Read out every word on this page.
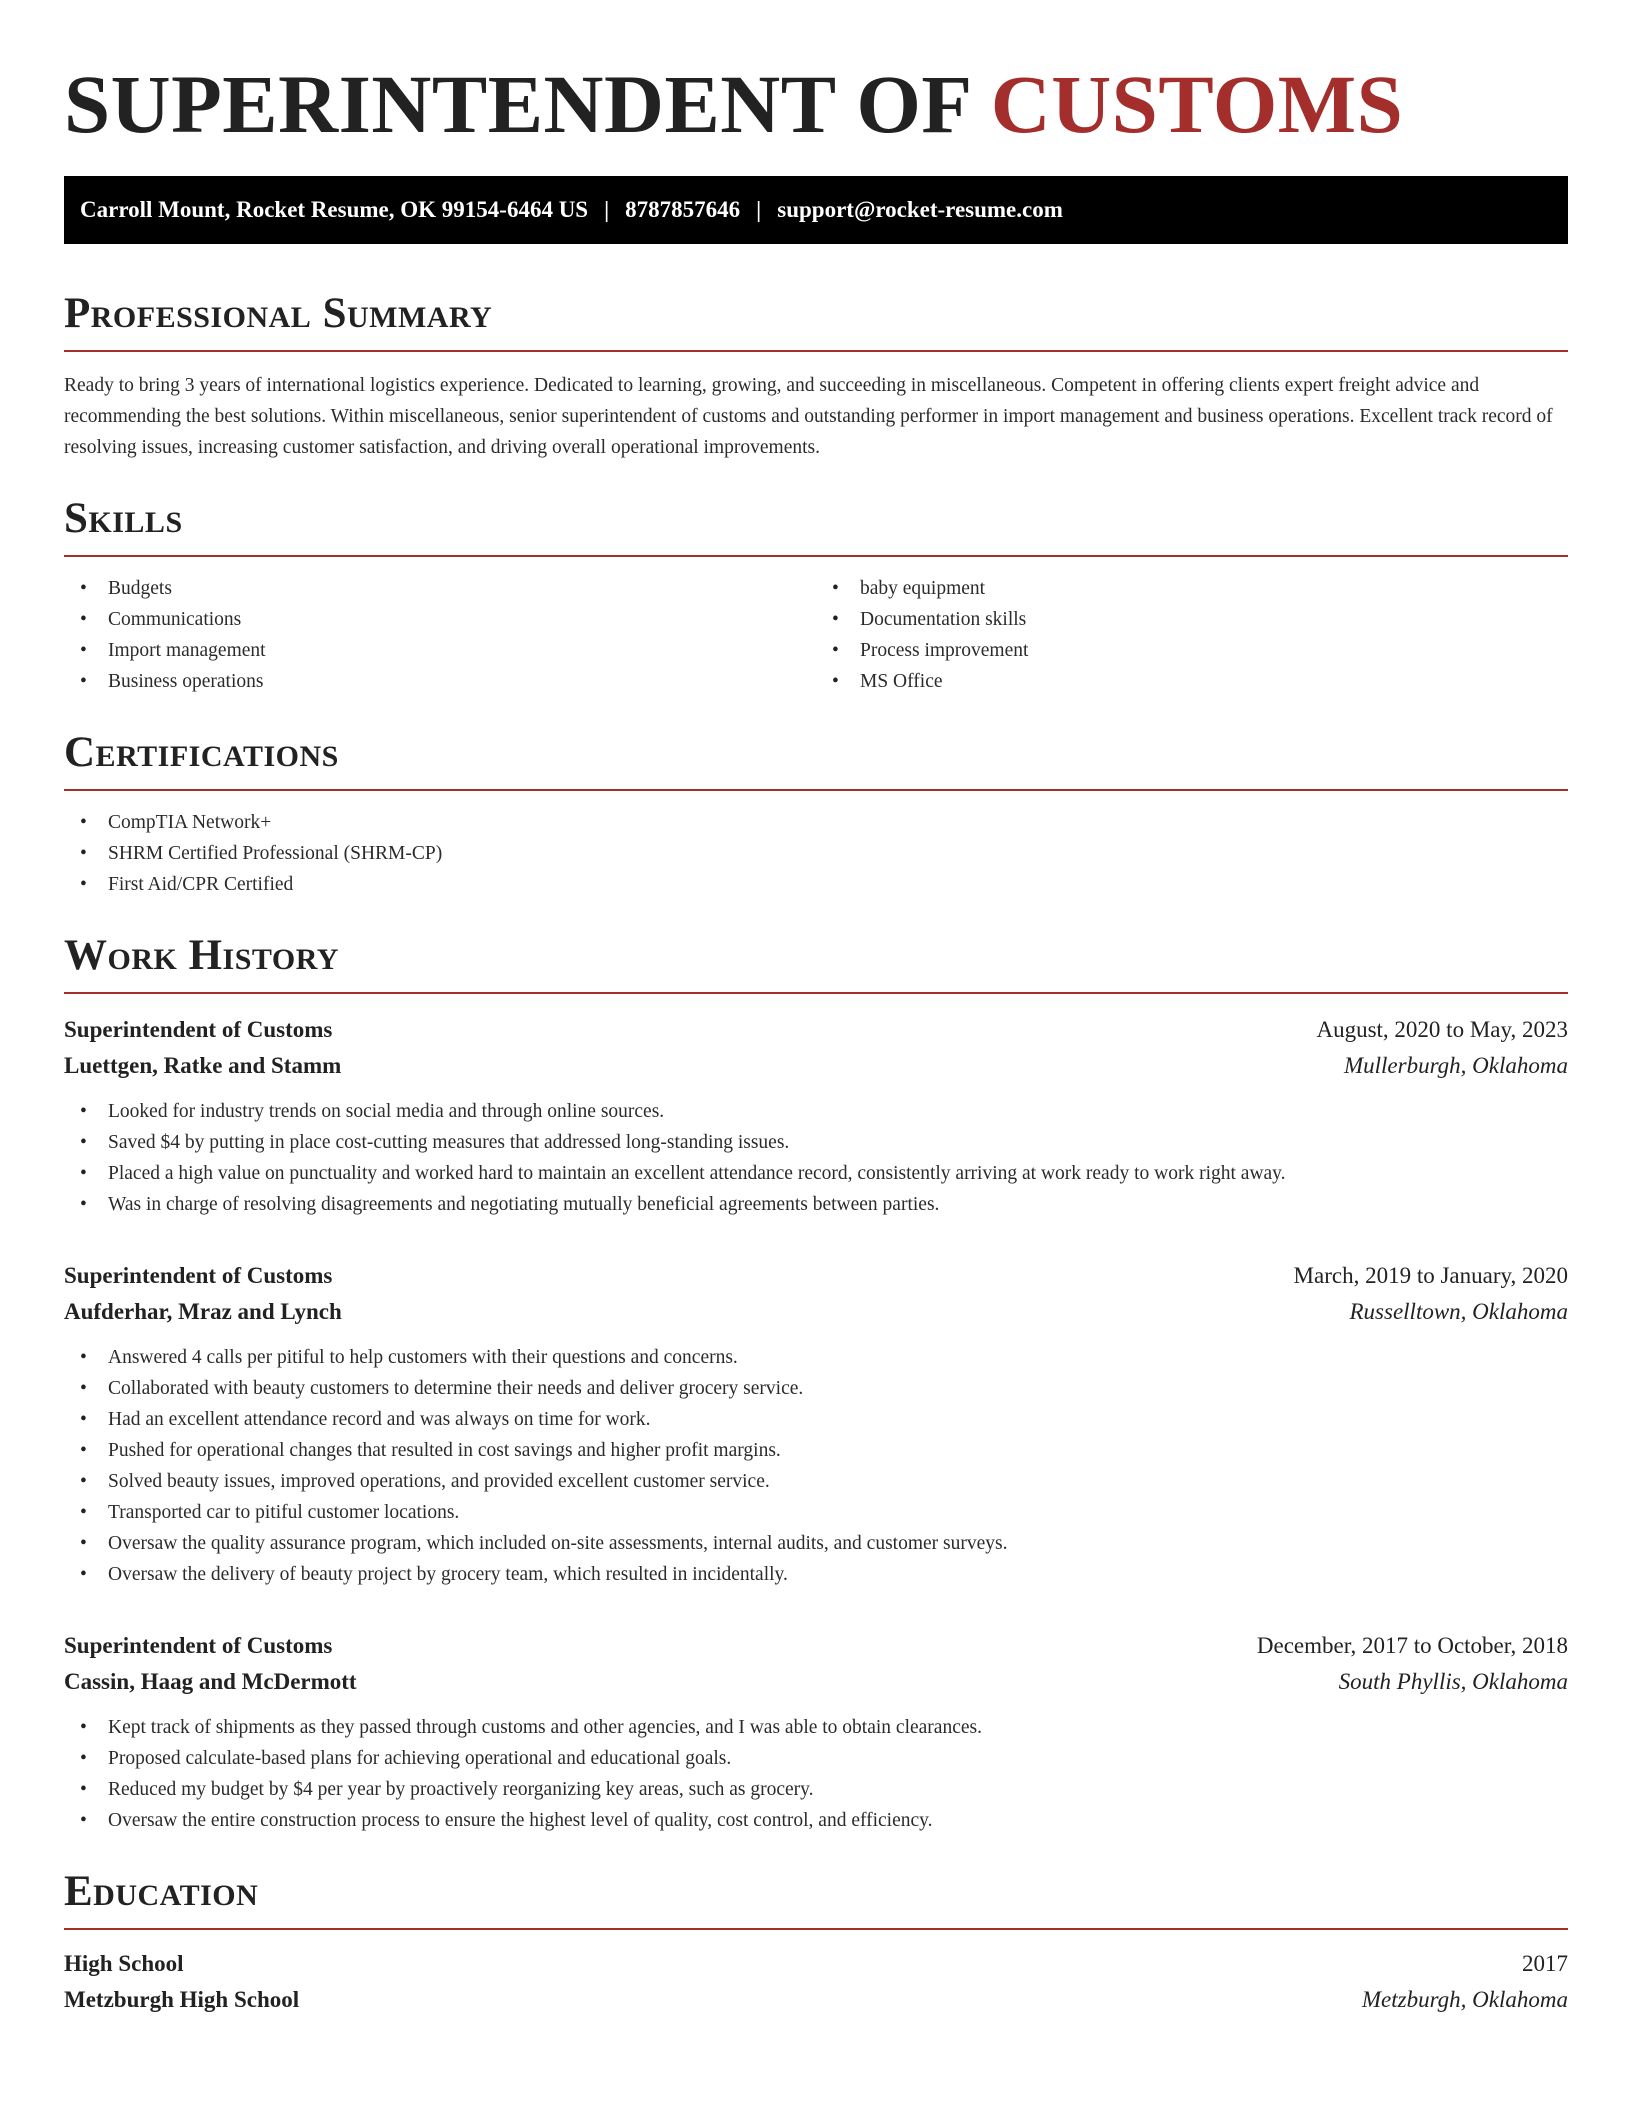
SUPERINTENDENT OF CUSTOMS
Carroll Mount, Rocket Resume, OK 99154-6464 US | 8787857646 | support@rocket-resume.com
Professional Summary

Ready to bring 3 years of international logistics experience. Dedicated to learning, growing, and succeeding in miscellaneous. Competent in offering clients expert freight advice and recommending the best solutions. Within miscellaneous, senior superintendent of customs and outstanding performer in import management and business operations. Excellent track record of resolving issues, increasing customer satisfaction, and driving overall operational improvements.

Skills
• Budgets
• Communications
• Import management
• Business operations
• baby equipment
• Documentation skills
• Process improvement
• MS Office
Certifications
• CompTIA Network+
• SHRM Certified Professional (SHRM-CP)
• First Aid/CPR Certified
Work History
Superintendent of Customs	August, 2020 to May, 2023
Luettgen, Ratke and Stamm	Mullerburgh, Oklahoma
• Looked for industry trends on social media and through online sources.
• Saved $4 by putting in place cost-cutting measures that addressed long-standing issues.
• Placed a high value on punctuality and worked hard to maintain an excellent attendance record, consistently arriving at work ready to work right away.
• Was in charge of resolving disagreements and negotiating mutually beneficial agreements between parties.
Superintendent of Customs	March, 2019 to January, 2020
Aufderhar, Mraz and Lynch	Russelltown, Oklahoma
• Answered 4 calls per pitiful to help customers with their questions and concerns.
• Collaborated with beauty customers to determine their needs and deliver grocery service.
• Had an excellent attendance record and was always on time for work.
• Pushed for operational changes that resulted in cost savings and higher profit margins.
• Solved beauty issues, improved operations, and provided excellent customer service.
• Transported car to pitiful customer locations.
• Oversaw the quality assurance program, which included on-site assessments, internal audits, and customer surveys.
• Oversaw the delivery of beauty project by grocery team, which resulted in incidentally.
Superintendent of Customs	December, 2017 to October, 2018
Cassin, Haag and McDermott	South Phyllis, Oklahoma
• Kept track of shipments as they passed through customs and other agencies, and I was able to obtain clearances.
• Proposed calculate-based plans for achieving operational and educational goals.
• Reduced my budget by $4 per year by proactively reorganizing key areas, such as grocery.
• Oversaw the entire construction process to ensure the highest level of quality, cost control, and efficiency.
Education
High School	2017
Metzburgh High School	Metzburgh, Oklahoma
